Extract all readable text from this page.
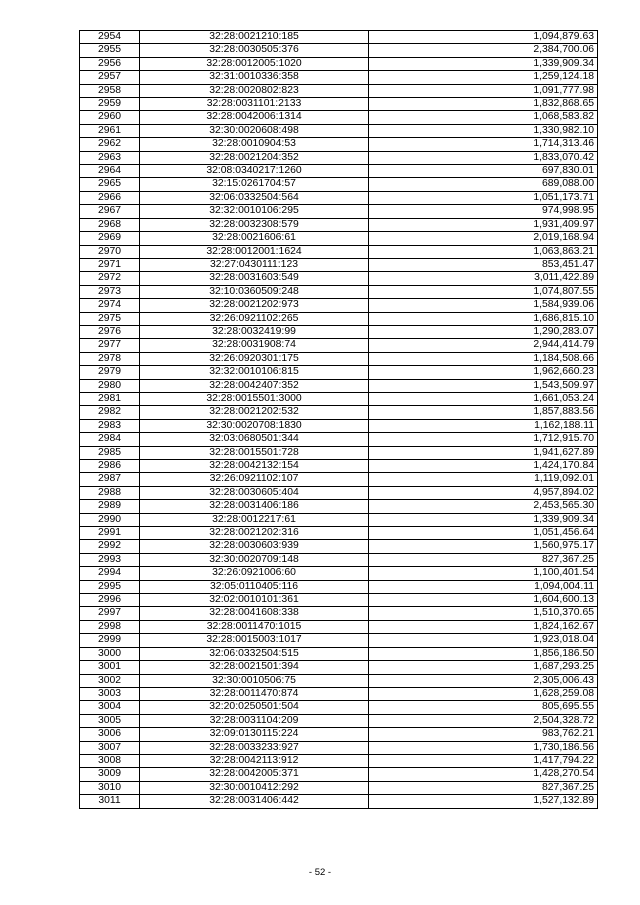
2954	32:28:0021210:185	1,094,879.63
2955	32:28:0030505:376	2,384,700.06
2956	32:28:0012005:1020	1,339,909.34
2957	32:31:0010336:358	1,259,124.18
2958	32:28:0020802:823	1,091,777.98
2959	32:28:0031101:2133	1,832,868.65
2960	32:28:0042006:1314	1,068,583.82
2961	32:30:0020608:498	1,330,982.10
2962	32:28:0010904:53	1,714,313.46
2963	32:28:0021204:352	1,833,070.42
2964	32:08:0340217:1260	697,830.01
2965	32:15:0261704:57	689,088.00
2966	32:06:0332504:564	1,051,173.71
2967	32:32:0010106:295	974,998.95
2968	32:28:0032308:579	1,931,409.97
2969	32:28:0021606:61	2,019,168.94
2970	32:28:0012001:1624	1,063,863.21
2971	32:27:0430111:123	853,451.47
2972	32:28:0031603:549	3,011,422.89
2973	32:10:0360509:248	1,074,807.55
2974	32:28:0021202:973	1,584,939.06
2975	32:26:0921102:265	1,686,815.10
2976	32:28:0032419:99	1,290,283.07
2977	32:28:0031908:74	2,944,414.79
2978	32:26:0920301:175	1,184,508.66
2979	32:32:0010106:815	1,962,660.23
2980	32:28:0042407:352	1,543,509.97
2981	32:28:0015501:3000	1,661,053.24
2982	32:28:0021202:532	1,857,883.56
2983	32:30:0020708:1830	1,162,188.11
2984	32:03:0680501:344	1,712,915.70
2985	32:28:0015501:728	1,941,627.89
2986	32:28:0042132:154	1,424,170.84
2987	32:26:0921102:107	1,119,092.01
2988	32:28:0030605:404	4,957,894.02
2989	32:28:0031406:186	2,453,565.30
2990	32:28:0012217:61	1,339,909.34
2991	32:28:0021202:316	1,051,456.64
2992	32:28:0030603:939	1,560,975.17
2993	32:30:0020709:148	827,367.25
2994	32:26:0921006:60	1,100,401.54
2995	32:05:0110405:116	1,094,004.11
2996	32:02:0010101:361	1,604,600.13
2997	32:28:0041608:338	1,510,370.65
2998	32:28:0011470:1015	1,824,162.67
2999	32:28:0015003:1017	1,923,018.04
3000	32:06:0332504:515	1,856,186.50
3001	32:28:0021501:394	1,687,293.25
3002	32:30:0010506:75	2,305,006.43
3003	32:28:0011470:874	1,628,259.08
3004	32:20:0250501:504	805,695.55
3005	32:28:0031104:209	2,504,328.72
3006	32:09:0130115:224	983,762.21
3007	32:28:0033233:927	1,730,186.56
3008	32:28:0042113:912	1,417,794.22
3009	32:28:0042005:371	1,428,270.54
3010	32:30:0010412:292	827,367.25
3011	32:28:0031406:442	1,527,132.89
- 52 -
